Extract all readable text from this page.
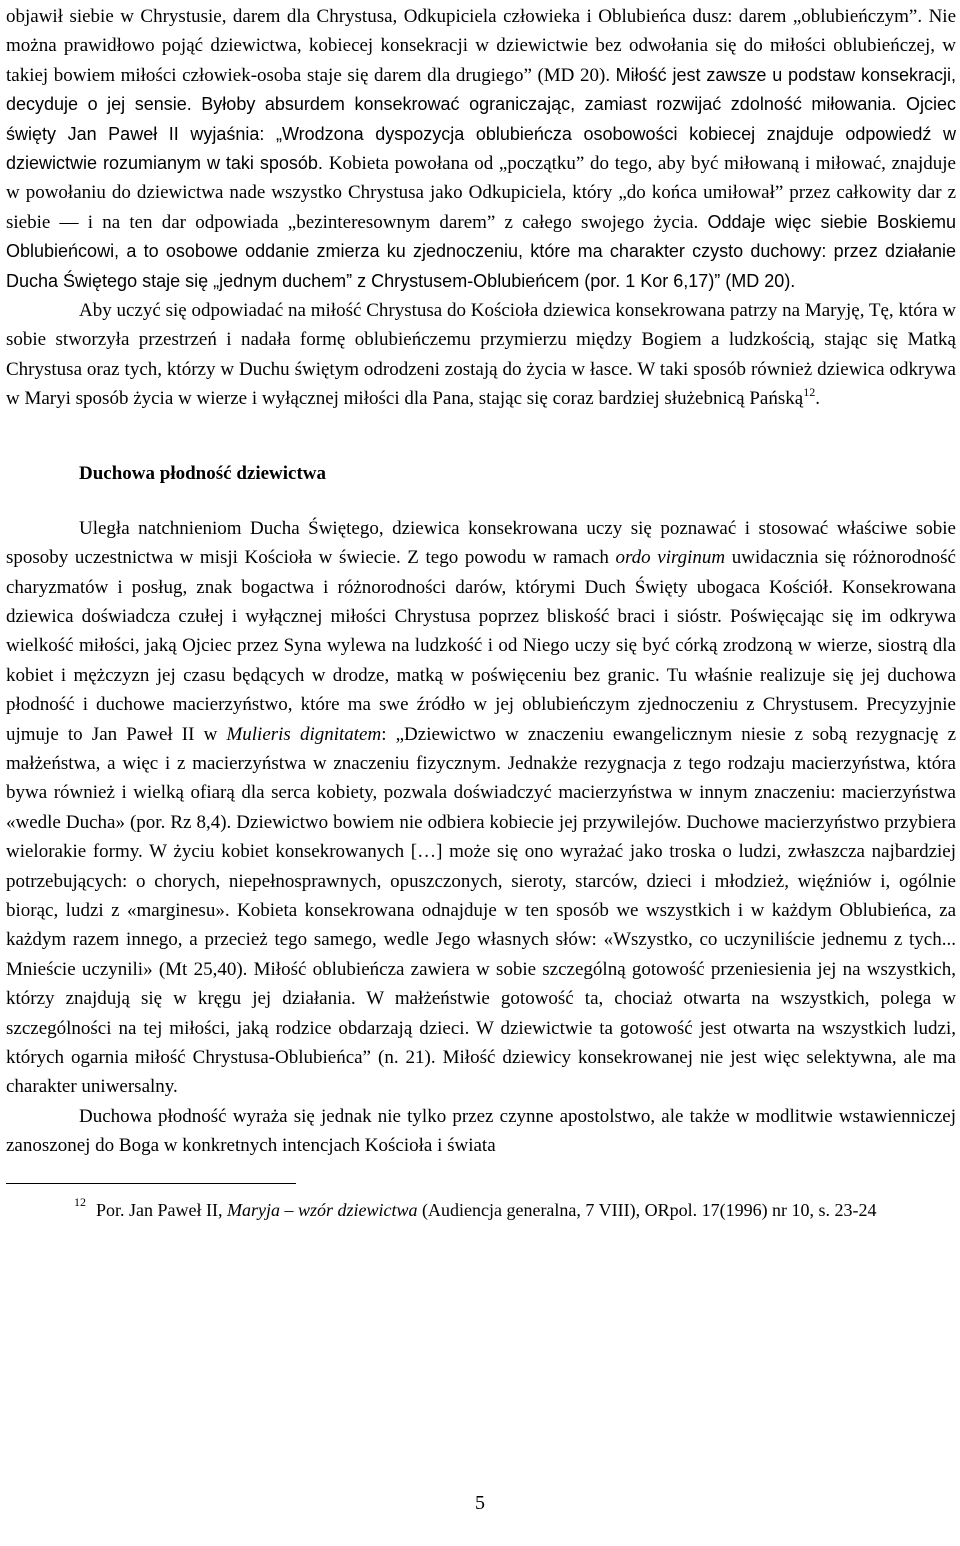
objawił siebie w Chrystusie, darem dla Chrystusa, Odkupiciela człowieka i Oblubieńca dusz: darem „oblubieńczym”. Nie można prawidłowo pojąć dziewictwa, kobiecej konsekracji w dziewictwie bez odwołania się do miłości oblubieńczej, w takiej bowiem miłości człowiek-osoba staje się darem dla drugiego” (MD 20). Miłość jest zawsze u podstaw konsekracji, decyduje o jej sensie. Byłoby absurdem konsekrować ograniczając, zamiast rozwijać zdolność miłowania. Ojciec święty Jan Paweł II wyjaśnia: „Wrodzona dyspozycja oblubieńcza osobowości kobiecej znajduje odpowiedź w dziewictwie rozumianym w taki sposób. Kobieta powołana od „początku” do tego, aby być miłowaną i miłować, znajduje w powołaniu do dziewictwa nade wszystko Chrystusa jako Odkupiciela, który „do końca umiłował” przez całkowity dar z siebie — i na ten dar odpowiada „bezinteresownym darem” z całego swojego życia. Oddaje więc siebie Boskiemu Oblubieńcowi, a to osobowe oddanie zmierza ku zjednoczeniu, które ma charakter czysto duchowy: przez działanie Ducha Świętego staje się „jednym duchem” z Chrystusem-Oblubieńcem (por. 1 Kor 6,17)” (MD 20).

Aby uczyć się odpowiadać na miłość Chrystusa do Kościoła dziewica konsekrowana patrzy na Maryję, Tę, która w sobie stworzyła przestrzeń i nadała formę oblubieńczemu przymierzu między Bogiem a ludzkością, stając się Matką Chrystusa oraz tych, którzy w Duchu świętym odrodzeni zostają do życia w łasce. W taki sposób również dziewica odkrywa w Maryi sposób życia w wierze i wyłącznej miłości dla Pana, stając się coraz bardziej służebnicą Pańską$^{12}$.

Duchowa płodność dziewictwa

Uległa natchnieniom Ducha Świętego, dziewica konsekrowana uczy się poznawać i stosować właściwe sobie sposoby uczestnictwa w misji Kościoła w świecie. Z tego powodu w ramach ordo virginum uwidacznia się różnorodność charyzmatów i posług, znak bogactwa i różnorodności darów, którymi Duch Święty ubogaca Kościół. Konsekrowana dziewica doświadcza czułej i wyłącznej miłości Chrystusa poprzez bliskość braci i sióstr. Poświęcając się im odkrywa wielkość miłości, jaką Ojciec przez Syna wylewa na ludzkość i od Niego uczy się być córką zrodzoną w wierze, siostrą dla kobiet i mężczyzn jej czasu będących w drodze, matką w poświęceniu bez granic. Tu właśnie realizuje się jej duchowa płodność i duchowe macierzyństwo, które ma swe źródło w jej oblubieńczym zjednoczeniu z Chrystusem. Precyzyjnie ujmuje to Jan Paweł II w Mulieris dignitatem: „Dziewictwo w znaczeniu ewangelicznym niesie z sobą rezygnację z małżeństwa, a więc i z macierzyństwa w znaczeniu fizycznym. Jednakże rezygnacja z tego rodzaju macierzyństwa, która bywa również i wielką ofiarą dla serca kobiety, pozwala doświadczyć macierzyństwa w innym znaczeniu: macierzyństwa «wedle Ducha» (por. Rz 8,4). Dziewictwo bowiem nie odbiera kobiecie jej przywilejów. Duchowe macierzyństwo przybiera wielorakie formy. W życiu kobiet konsekrowanych […] może się ono wyrażać jako troska o ludzi, zwłaszcza najbardziej potrzebujących: o chorych, niepełnosprawnych, opuszczonych, sieroty, starców, dzieci i młodzież, więźniów i, ogólnie biorąc, ludzi z «marginesu». Kobieta konsekrowana odnajduje w ten sposób we wszystkich i w każdym Oblubieńca, za każdym razem innego, a przecież tego samego, wedle Jego własnych słów: «Wszystko, co uczyniliście jednemu z tych... Mnieście uczynili» (Mt 25,40). Miłość oblubieńcza zawiera w sobie szczególną gotowość przeniesienia jej na wszystkich, którzy znajdują się w kręgu jej działania. W małżeństwie gotowość ta, chociaż otwarta na wszystkich, polega w szczególności na tej miłości, jaką rodzice obdarzają dzieci. W dziewictwie ta gotowość jest otwarta na wszystkich ludzi, których ogarnia miłość Chrystusa-Oblubieńca” (n. 21). Miłość dziewicy konsekrowanej nie jest więc selektywna, ale ma charakter uniwersalny.

Duchowa płodność wyraża się jednak nie tylko przez czynne apostolstwo, ale także w modlitwie wstawienniczej zanoszonej do Boga w konkretnych intencjach Kościoła i świata

$^{12}$ Por. Jan Paweł II, Maryja – wzór dziewictwa (Audiencja generalna, 7 VIII), ORpol. 17(1996) nr 10, s. 23-24

5
